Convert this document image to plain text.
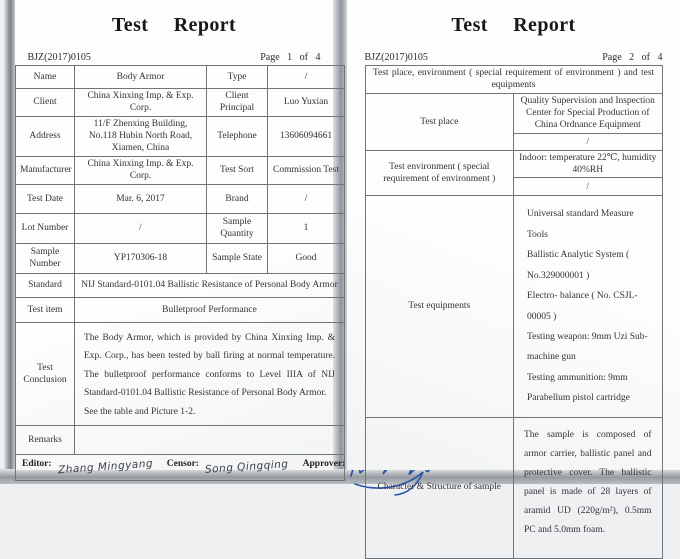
Test Report
BJZ(2017)0105	Page 1 of 4
Name	Body Armor	Type	/
Client	China Xinxing Imp. & Exp. Corp.	Client Principal	Luo Yuxian
Address	11/F Zhenxing Building, No.118 Hubin North Road, Xiamen, China	Telephone	13606094661
Manufacturer	China Xinxing Imp. & Exp. Corp.	Test Sort	Commission Test
Test Date	Mar. 6, 2017	Brand	/
Lot Number	/	Sample Quantity	1
Sample Number	YP170306-18	Sample State	Good
Standard	NIJ Standard-0101.04 Ballistic Resistance of Personal Body Armor		
Test item	Bulletproof Performance		
Test Conclusion	The Body Armor, which is provided by China Xinxing Imp. & Exp. Corp., has been tested by ball firing at normal temperature. The bulletproof performance conforms to Level IIIA of NIJ Standard-0101.04 Ballistic Resistance of Personal Body Armor.
See the table and Picture 1-2.		

Remarks			

Editor: Zhang Mingyang Censor: Song Qingqing Approver:			
Test Report
BJZ(2017)0105	Page 2 of 4
Test place, environment ( special requirement of environment ) and test equipments	
Test place	Quality Supervision and Inspection Center for Special Production of China Ordnance Equipment
	/
Test environment ( special requirement of environment )	Indoor: temperature 22℃, humidity 40%RH
	/
Test equipments	Universal standard Measure Tools
Ballistic Analytic System ( No.329000001 )
Electro- balance ( No. CSJL-00005 )
Testing weapon: 9mm Uzi Sub-machine gun
Testing ammunition: 9mm Parabellum pistol cartridge

Character & Structure of sample	The sample is composed of armor carrier, ballistic panel and protective cover. The ballistic panel is made of 28 layers of aramid UD (220g/m²), 0.5mm PC and 5.0mm foam.
